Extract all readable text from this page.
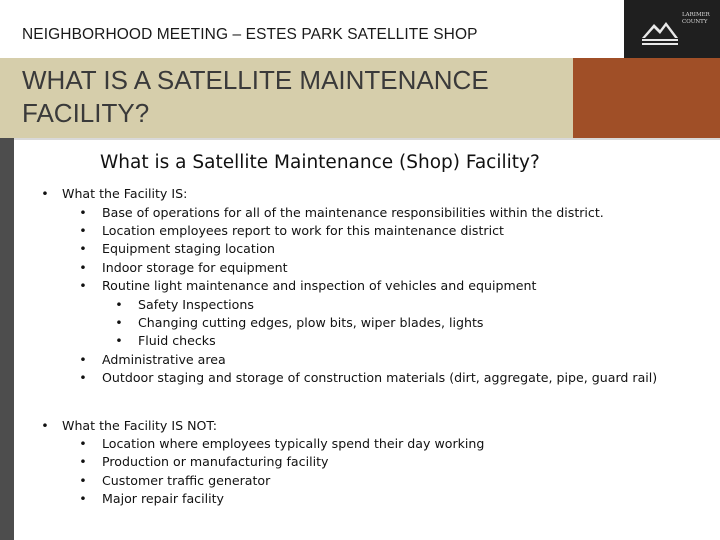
NEIGHBORHOOD MEETING – ESTES PARK SATELLITE SHOP
LARIMER COUNTY
WHAT IS A SATELLITE MAINTENANCE
FACILITY?
What is a Satellite Maintenance (Shop) Facility?
• What the Facility IS:
• Base of operations for all of the maintenance responsibilities within the district.
• Location employees report to work for this maintenance district
• Equipment staging location
• Indoor storage for equipment
• Routine light maintenance and inspection of vehicles and equipment
• Safety Inspections
• Changing cutting edges, plow bits, wiper blades, lights
• Fluid checks
• Administrative area
• Outdoor staging and storage of construction materials (dirt, aggregate, pipe, guard rail)
• What the Facility IS NOT:
• Location where employees typically spend their day working
• Production or manufacturing facility
• Customer traffic generator
• Major repair facility
